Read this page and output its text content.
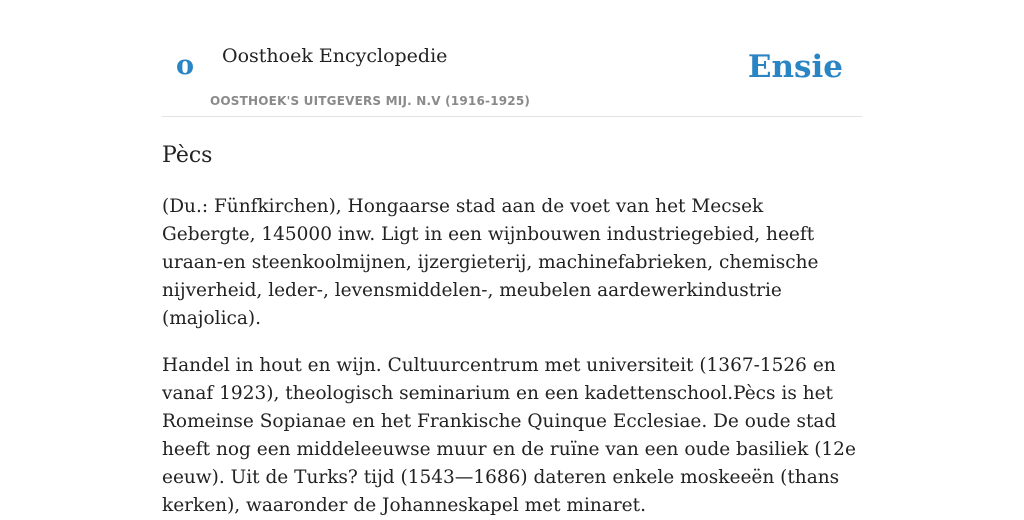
o Oosthoek Encyclopedie
OOSTHOEK'S UITGEVERS MIJ. N.V (1916-1925)
Ensie
Pècs

(Du.: Fünfkirchen), Hongaarse stad aan de voet van het Mecsek Gebergte, 145000 inw. Ligt in een wijnbouwen industriegebied, heeft uraan-en steenkoolmijnen, ijzergieterij, machinefabrieken, chemische nijverheid, leder-, levensmiddelen-, meubelen aardewerkindustrie (majolica).

Handel in hout en wijn. Cultuurcentrum met universiteit (1367-1526 en vanaf 1923), theologisch seminarium en een kadettenschool.Pècs is het Romeinse Sopianae en het Frankische Quinque Ecclesiae. De oude stad heeft nog een middeleeuwse muur en de ruïne van een oude basiliek (12e eeuw). Uit de Turks? tijd (1543—1686) dateren enkele moskeeën (thans kerken), waaronder de Johanneskapel met minaret.
